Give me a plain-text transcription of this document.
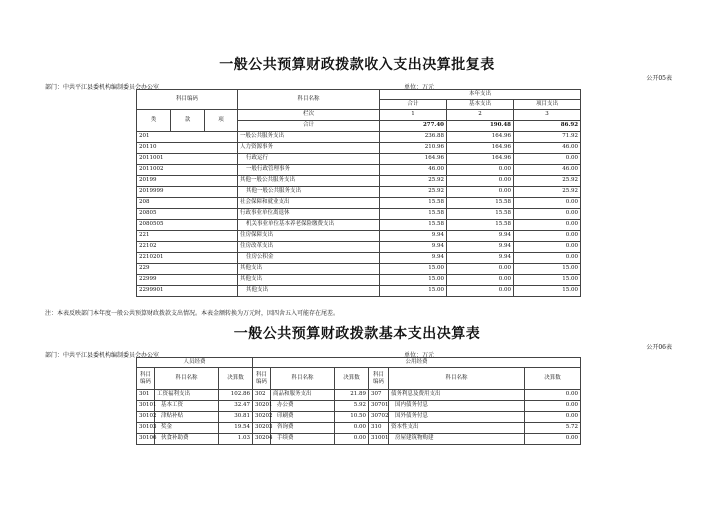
一般公共预算财政拨款收入支出决算批复表
公开05表
部门：中共平江县委机构编制委员会办公室	单位：万元
科目编码			科目名称	本年支出		
				合计	基本支出	项目支出

类	款	项	栏次	1	2	3
			合计	277.40	190.48	86.92
201			一般公共服务支出	236.88	164.96	71.92
20110			人力资源事务	210.96	164.96	46.00
2011001			行政运行	164.96	164.96	0.00
2011002			一般行政管理事务	46.00	0.00	46.00
20199			其他一般公共服务支出	25.92	0.00	25.92
2019999			其他一般公共服务支出	25.92	0.00	25.92
208			社会保障和就业支出	15.58	15.58	0.00
20805			行政事业单位离退休	15.58	15.58	0.00
2080505			机关事业单位基本养老保险缴费支出	15.58	15.58	0.00
221			住房保障支出	9.94	9.94	0.00
22102			住房改革支出	9.94	9.94	0.00
2210201			住房公积金	9.94	9.94	0.00
229			其他支出	15.00	0.00	15.00
22999			其他支出	15.00	0.00	15.00
2299901			其他支出	15.00	0.00	15.00
注：本表反映部门本年度一般公共预算财政拨款支出情况。本表金额转换为万元时，因四舍五入可能存在尾差。
一般公共预算财政拨款基本支出决算表
公开06表
部门：中共平江县委机构编制委员会办公室	单位：万元
人员经费			公用经费					
科目编码	科目名称	决算数	科目编码	科目名称	决算数	科目编码	科目名称	决算数
301	工资福利支出	102.86	302	商品和服务支出	21.89	307	债务利息及费用支出	0.00
30101	基本工资	32.47	30201	办公费	5.92	30701	国内债务付息	0.00
30102	津贴补贴	30.81	30202	印刷费	10.50	30702	国外债务付息	0.00
30103	奖金	19.54	30203	咨询费	0.00	310	资本性支出	5.72
30106	伙食补助费	1.03	30204	手续费	0.00	31001	房屋建筑物购建	0.00
